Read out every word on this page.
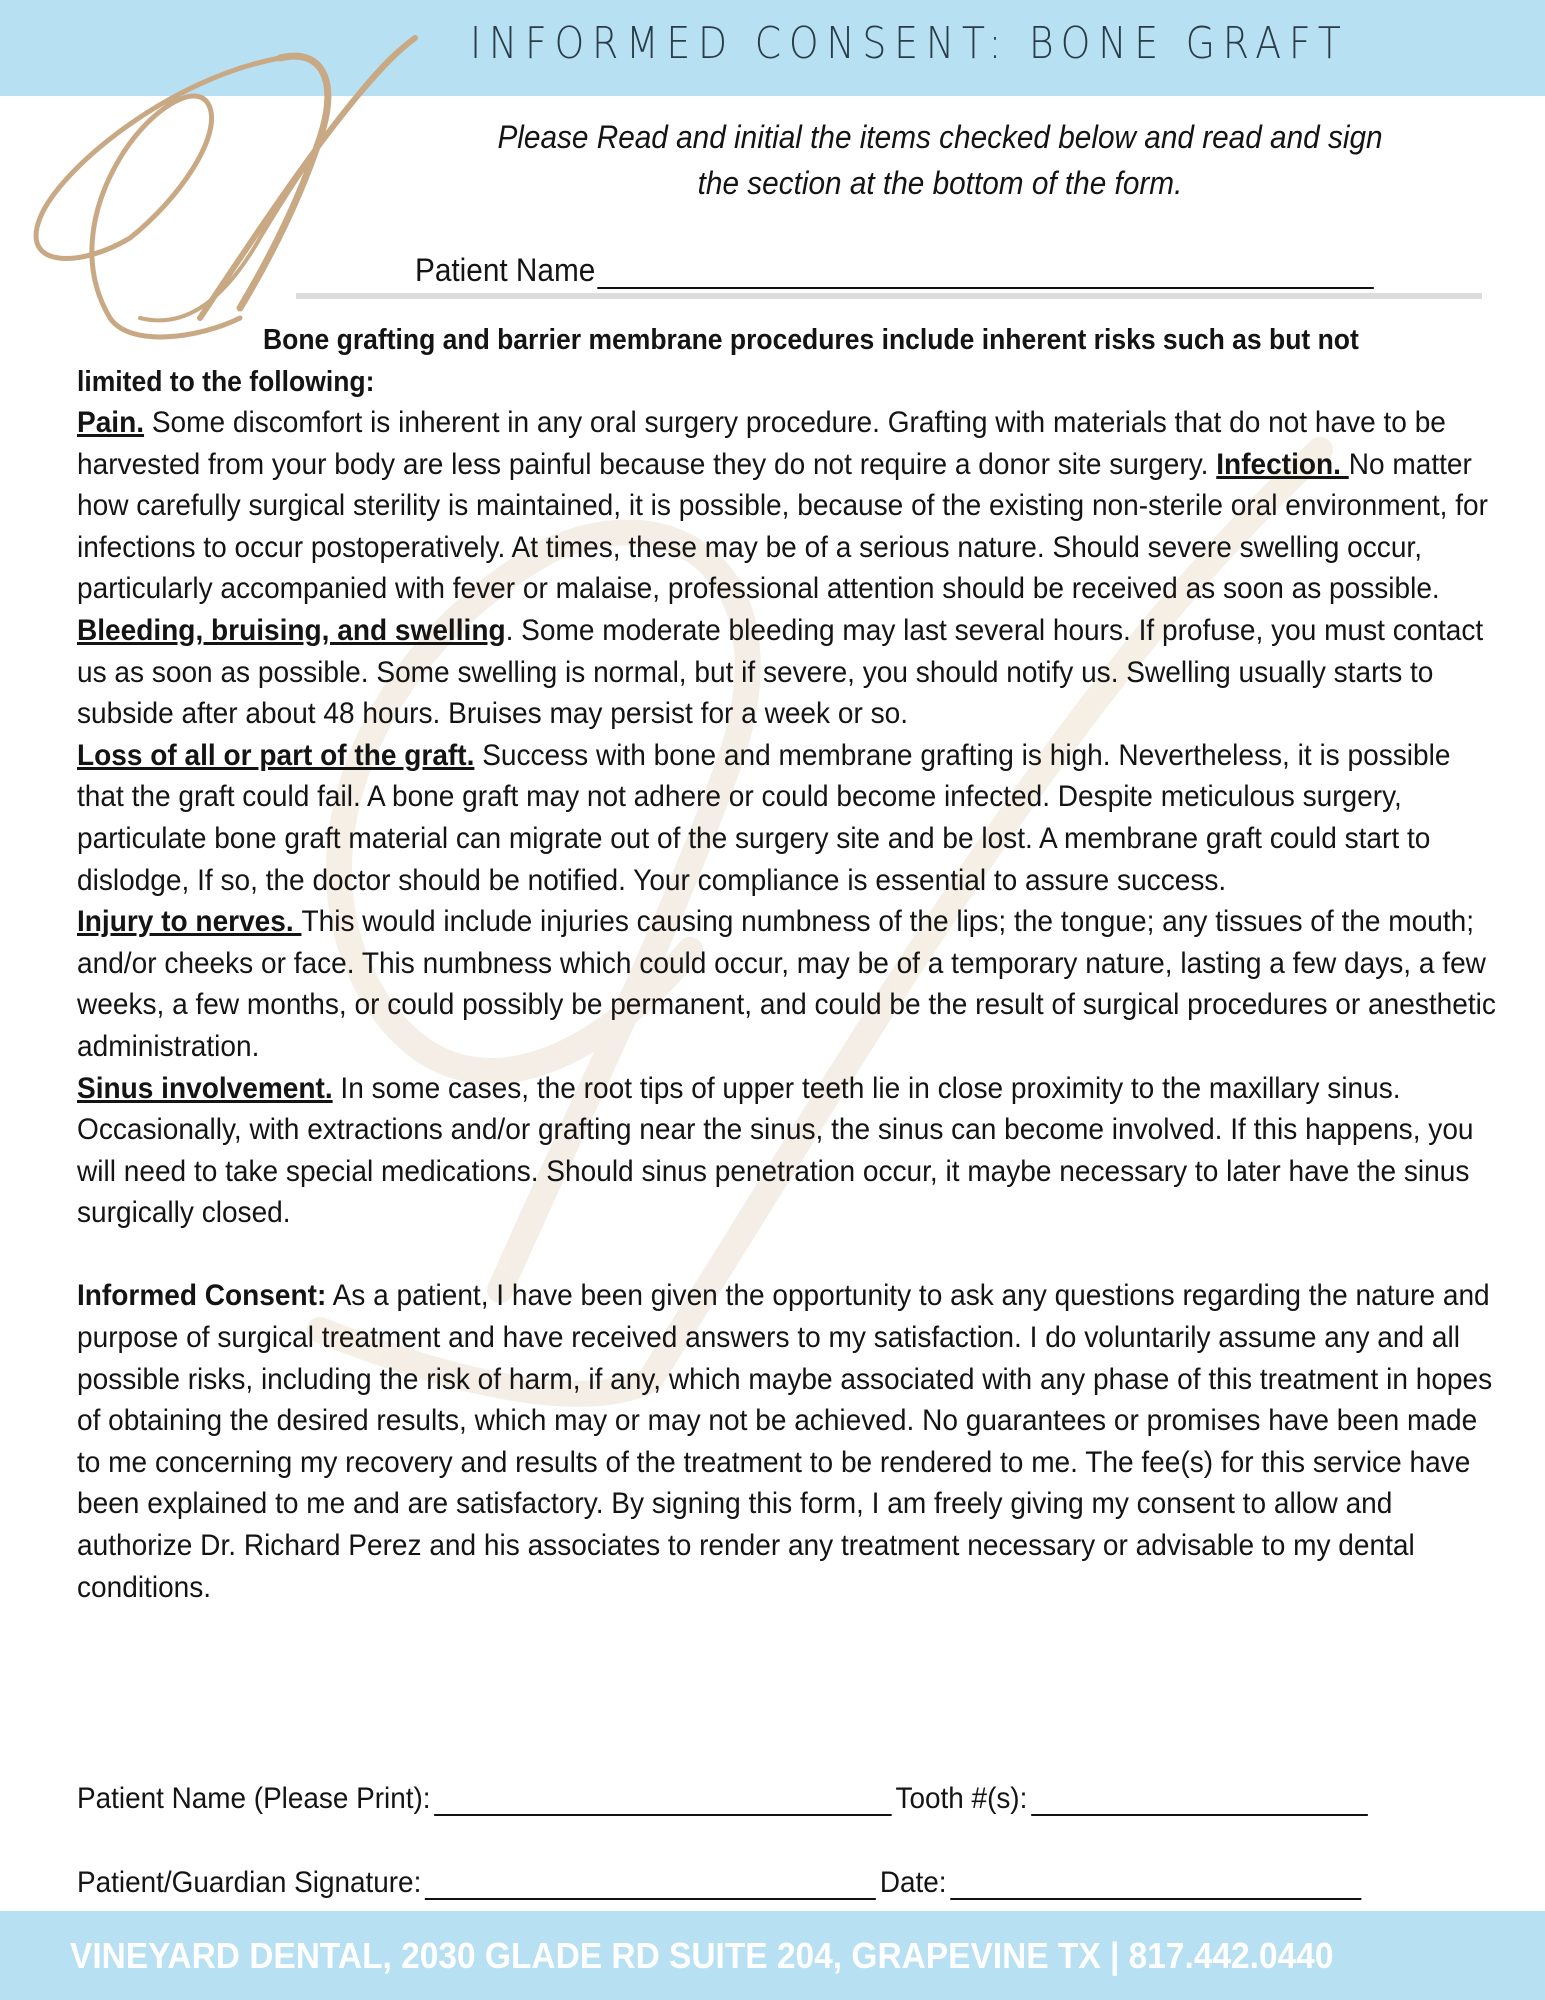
INFORMED CONSENT: BONE GRAFT
Please Read and initial the items checked below and read and sign
the section at the bottom of the form.
Patient Name
Bone grafting and barrier membrane procedures include inherent risks such as but not limited to the following:

Pain. Some discomfort is inherent in any oral surgery procedure. Grafting with materials that do not have to be harvested from your body are less painful because they do not require a donor site surgery. Infection. No matter how carefully surgical sterility is maintained, it is possible, because of the existing non-sterile oral environment, for infections to occur postoperatively. At times, these may be of a serious nature. Should severe swelling occur, particularly accompanied with fever or malaise, professional attention should be received as soon as possible. Bleeding, bruising, and swelling. Some moderate bleeding may last several hours. If profuse, you must contact us as soon as possible. Some swelling is normal, but if severe, you should notify us. Swelling usually starts to subside after about 48 hours. Bruises may persist for a week or so.

Loss of all or part of the graft. Success with bone and membrane grafting is high. Nevertheless, it is possible that the graft could fail. A bone graft may not adhere or could become infected. Despite meticulous surgery, particulate bone graft material can migrate out of the surgery site and be lost. A membrane graft could start to dislodge, If so, the doctor should be notified. Your compliance is essential to assure success.

Injury to nerves. This would include injuries causing numbness of the lips; the tongue; any tissues of the mouth; and/or cheeks or face. This numbness which could occur, may be of a temporary nature, lasting a few days, a few weeks, a few months, or could possibly be permanent, and could be the result of surgical procedures or anesthetic administration.

Sinus involvement. In some cases, the root tips of upper teeth lie in close proximity to the maxillary sinus. Occasionally, with extractions and/or grafting near the sinus, the sinus can become involved. If this happens, you will need to take special medications. Should sinus penetration occur, it maybe necessary to later have the sinus surgically closed.

Informed Consent: As a patient, I have been given the opportunity to ask any questions regarding the nature and purpose of surgical treatment and have received answers to my satisfaction. I do voluntarily assume any and all possible risks, including the risk of harm, if any, which maybe associated with any phase of this treatment in hopes of obtaining the desired results, which may or may not be achieved. No guarantees or promises have been made to me concerning my recovery and results of the treatment to be rendered to me. The fee(s) for this service have been explained to me and are satisfactory. By signing this form, I am freely giving my consent to allow and authorize Dr. Richard Perez and his associates to render any treatment necessary or advisable to my dental conditions.

Patient Name (Please Print):	Tooth #(s):
Patient/Guardian Signature:	Date:
VINEYARD DENTAL, 2030 GLADE RD SUITE 204, GRAPEVINE TX | 817.442.0440
